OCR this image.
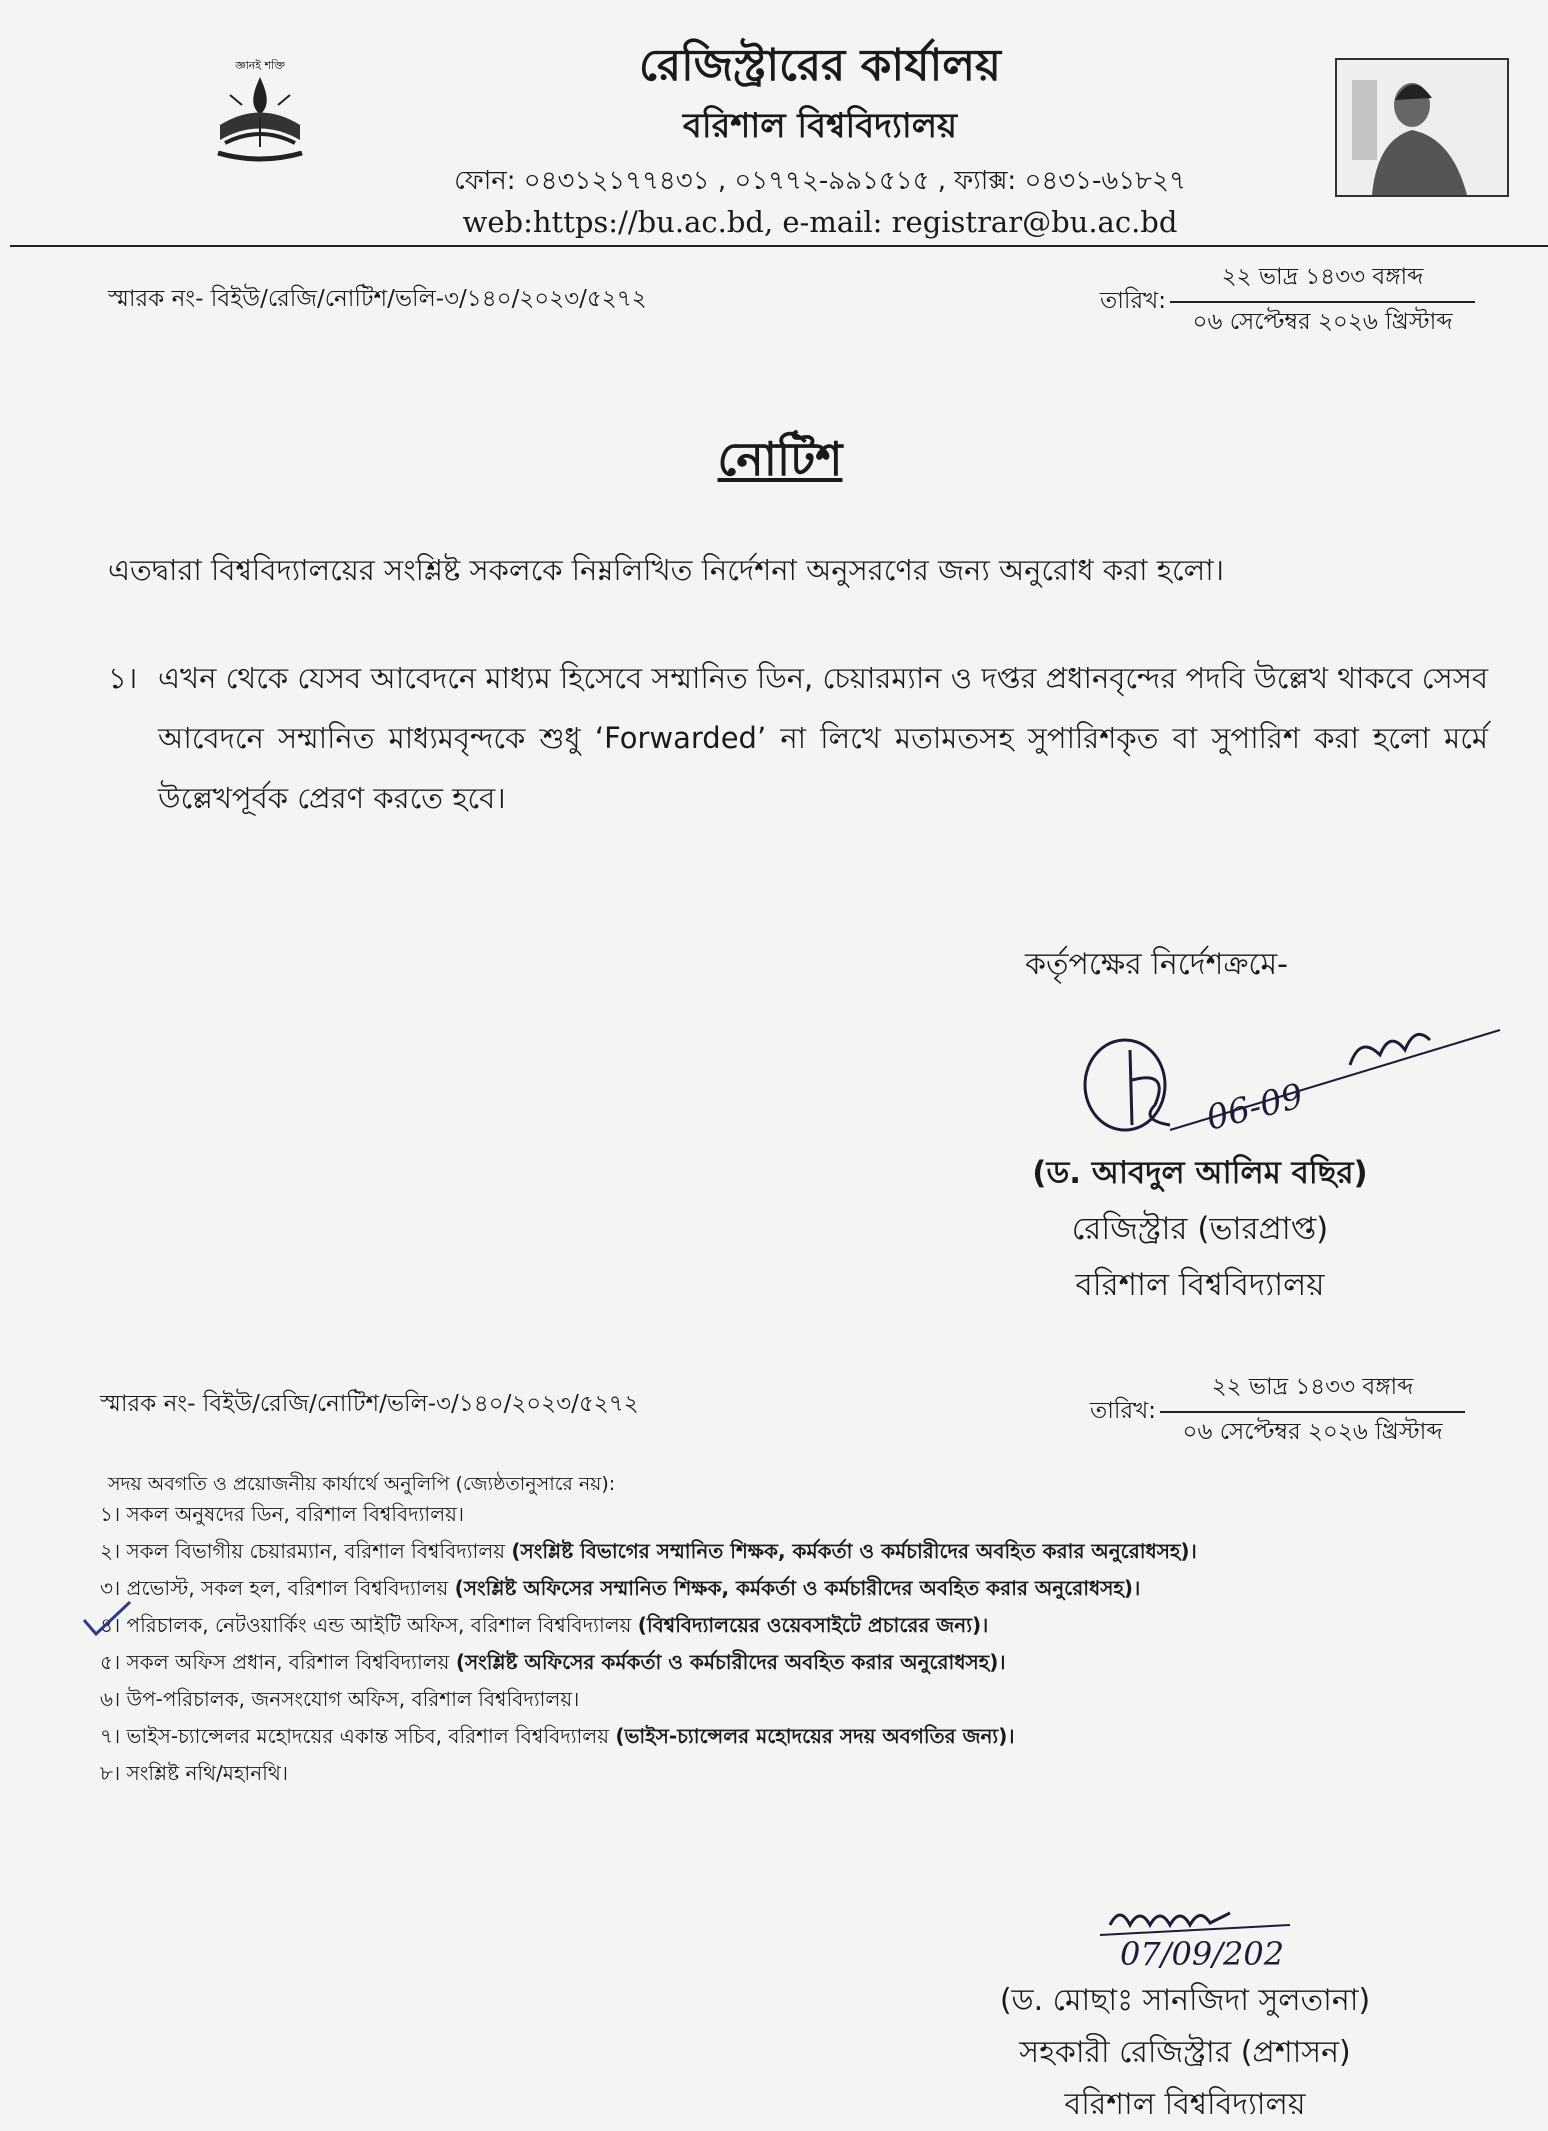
জ্ঞানই শক্তি	রেজিস্ট্রারের কার্যালয়
বরিশাল বিশ্ববিদ্যালয়
ফোন: ০৪৩১২১৭৭৪৩১ , ০১৭৭২-৯৯১৫১৫ , ফ্যাক্স: ০৪৩১-৬১৮২৭
web:https://bu.ac.bd, e-mail: registrar@bu.ac.bd
স্মারক নং- বিইউ/রেজি/নোটিশ/ভলি-৩/১৪০/২০২৩/৫২৭২	তারিখ:
২২ ভাদ্র ১৪৩৩ বঙ্গাব্দ
০৬ সেপ্টেম্বর ২০২৬ খ্রিস্টাব্দ
নোটিশ
এতদ্বারা বিশ্ববিদ্যালয়ের সংশ্লিষ্ট সকলকে নিম্নলিখিত নির্দেশনা অনুসরণের জন্য অনুরোধ করা হলো।
১। এখন থেকে যেসব আবেদনে মাধ্যম হিসেবে সম্মানিত ডিন, চেয়ারম্যান ও দপ্তর প্রধানবৃন্দের পদবি উল্লেখ থাকবে সেসব আবেদনে সম্মানিত মাধ্যমবৃন্দকে শুধু ‘Forwarded’ না লিখে মতামতসহ সুপারিশকৃত বা সুপারিশ করা হলো মর্মে উল্লেখপূর্বক প্রেরণ করতে হবে।
কর্তৃপক্ষের নির্দেশক্রমে-
06-09
(ড. আবদুল আলিম বছির)
রেজিস্ট্রার (ভারপ্রাপ্ত)
বরিশাল বিশ্ববিদ্যালয়
স্মারক নং- বিইউ/রেজি/নোটিশ/ভলি-৩/১৪০/২০২৩/৫২৭২	তারিখ:
২২ ভাদ্র ১৪৩৩ বঙ্গাব্দ
০৬ সেপ্টেম্বর ২০২৬ খ্রিস্টাব্দ
সদয় অবগতি ও প্রয়োজনীয় কার্যার্থে অনুলিপি (জ্যেষ্ঠতানুসারে নয়):
১। সকল অনুষদের ডিন, বরিশাল বিশ্ববিদ্যালয়।
২। সকল বিভাগীয় চেয়ারম্যান, বরিশাল বিশ্ববিদ্যালয় (সংশ্লিষ্ট বিভাগের সম্মানিত শিক্ষক, কর্মকর্তা ও কর্মচারীদের অবহিত করার অনুরোধসহ)।
৩। প্রভোস্ট, সকল হল, বরিশাল বিশ্ববিদ্যালয় (সংশ্লিষ্ট অফিসের সম্মানিত শিক্ষক, কর্মকর্তা ও কর্মচারীদের অবহিত করার অনুরোধসহ)।
৪। পরিচালক, নেটওয়ার্কিং এন্ড আইটি অফিস, বরিশাল বিশ্ববিদ্যালয় (বিশ্ববিদ্যালয়ের ওয়েবসাইটে প্রচারের জন্য)।
৫। সকল অফিস প্রধান, বরিশাল বিশ্ববিদ্যালয় (সংশ্লিষ্ট অফিসের কর্মকর্তা ও কর্মচারীদের অবহিত করার অনুরোধসহ)।
৬। উপ-পরিচালক, জনসংযোগ অফিস, বরিশাল বিশ্ববিদ্যালয়।
৭। ভাইস-চ্যান্সেলর মহোদয়ের একান্ত সচিব, বরিশাল বিশ্ববিদ্যালয় (ভাইস-চ্যান্সেলর মহোদয়ের সদয় অবগতির জন্য)।
৮। সংশ্লিষ্ট নথি/মহানথি।
07/09/202
(ড. মোছাঃ সানজিদা সুলতানা)
সহকারী রেজিস্ট্রার (প্রশাসন)
বরিশাল বিশ্ববিদ্যালয়
